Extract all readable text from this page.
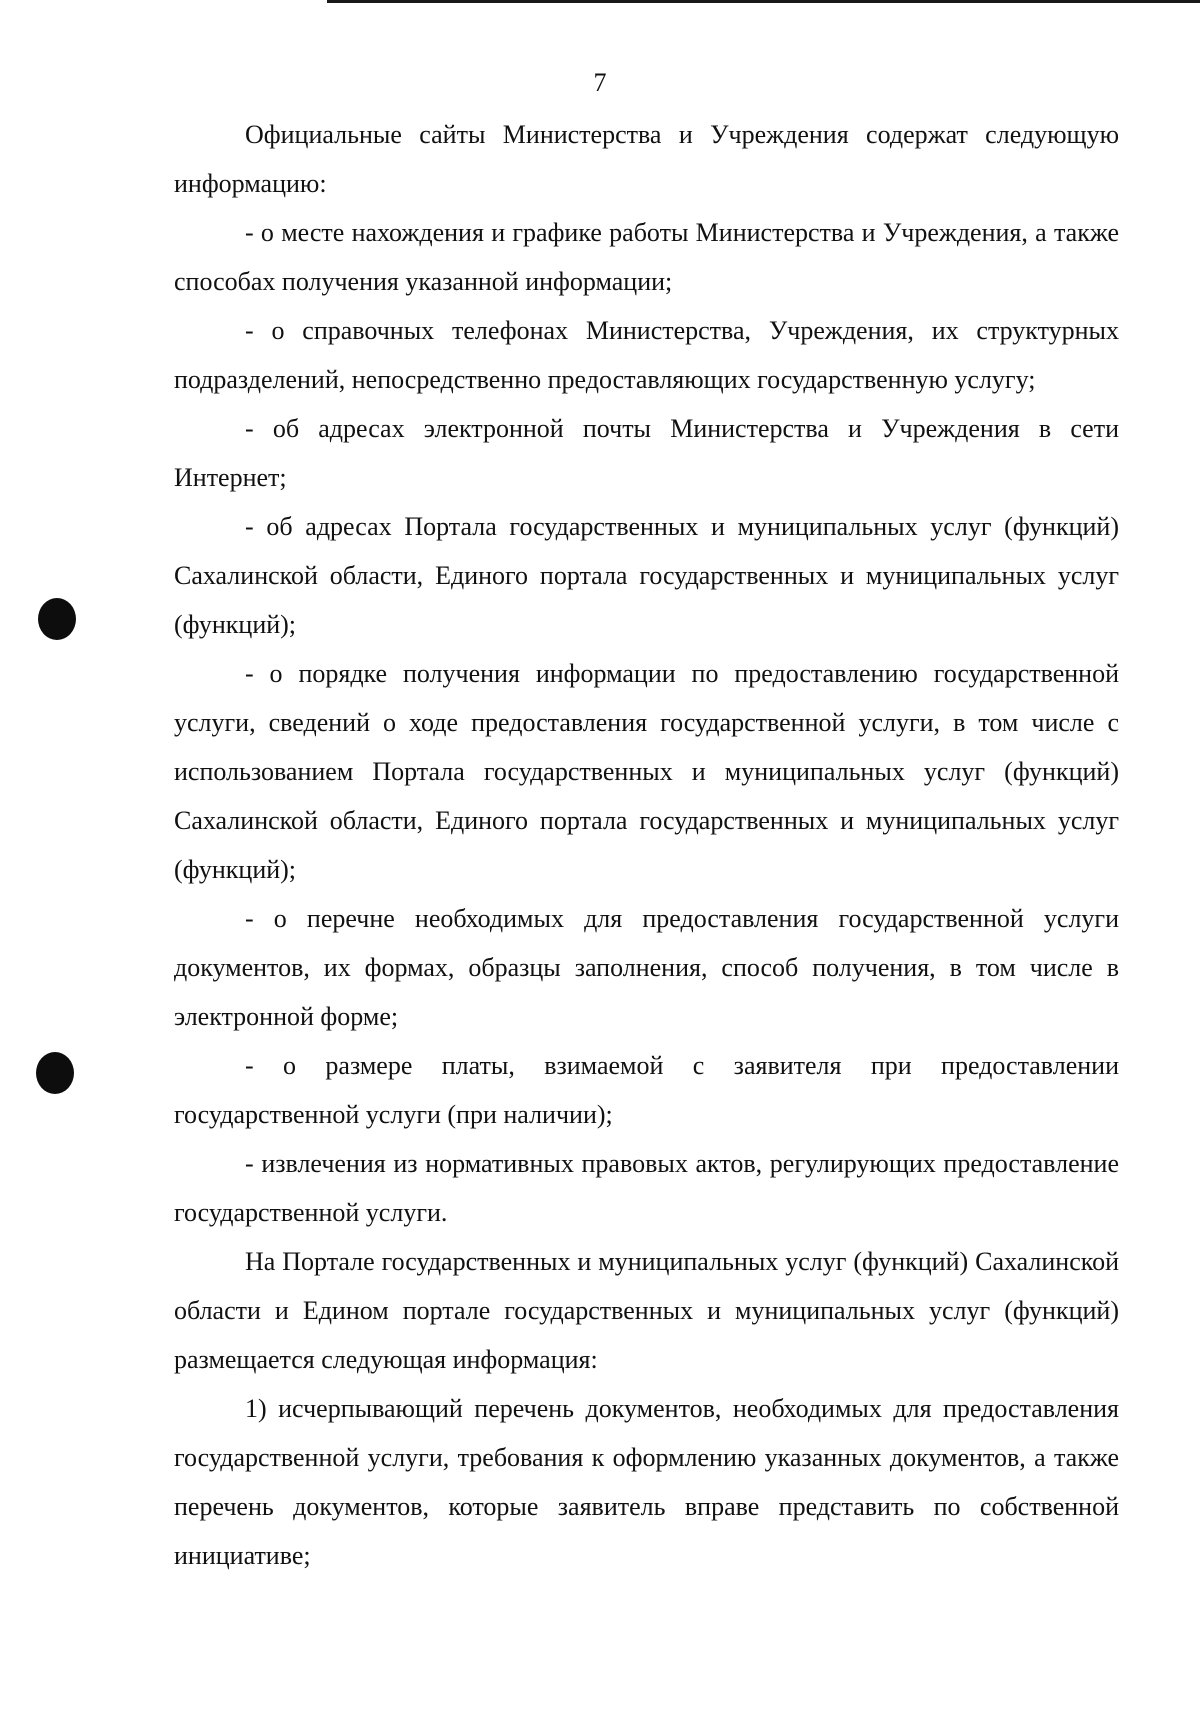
7

Официальные сайты Министерства и Учреждения содержат следующую информацию:

- о месте нахождения и графике работы Министерства и Учреждения, а также способах получения указанной информации;

- о справочных телефонах Министерства, Учреждения, их структурных подразделений, непосредственно предоставляющих государственную услугу;

- об адресах электронной почты Министерства и Учреждения в сети Интернет;

- об адресах Портала государственных и муниципальных услуг (функций) Сахалинской области, Единого портала государственных и муниципальных услуг (функций);

- о порядке получения информации по предоставлению государственной услуги, сведений о ходе предоставления государственной услуги, в том числе с использованием Портала государственных и муниципальных услуг (функций) Сахалинской области, Единого портала государственных и муниципальных услуг (функций);

- о перечне необходимых для предоставления государственной услуги документов, их формах, образцы заполнения, способ получения, в том числе в электронной форме;

- о размере платы, взимаемой с заявителя при предоставлении государственной услуги (при наличии);

- извлечения из нормативных правовых актов, регулирующих предоставление государственной услуги.

На Портале государственных и муниципальных услуг (функций) Сахалинской области и Едином портале государственных и муниципальных услуг (функций) размещается следующая информация:

1) исчерпывающий перечень документов, необходимых для предоставления государственной услуги, требования к оформлению указанных документов, а также перечень документов, которые заявитель вправе представить по собственной инициативе;
